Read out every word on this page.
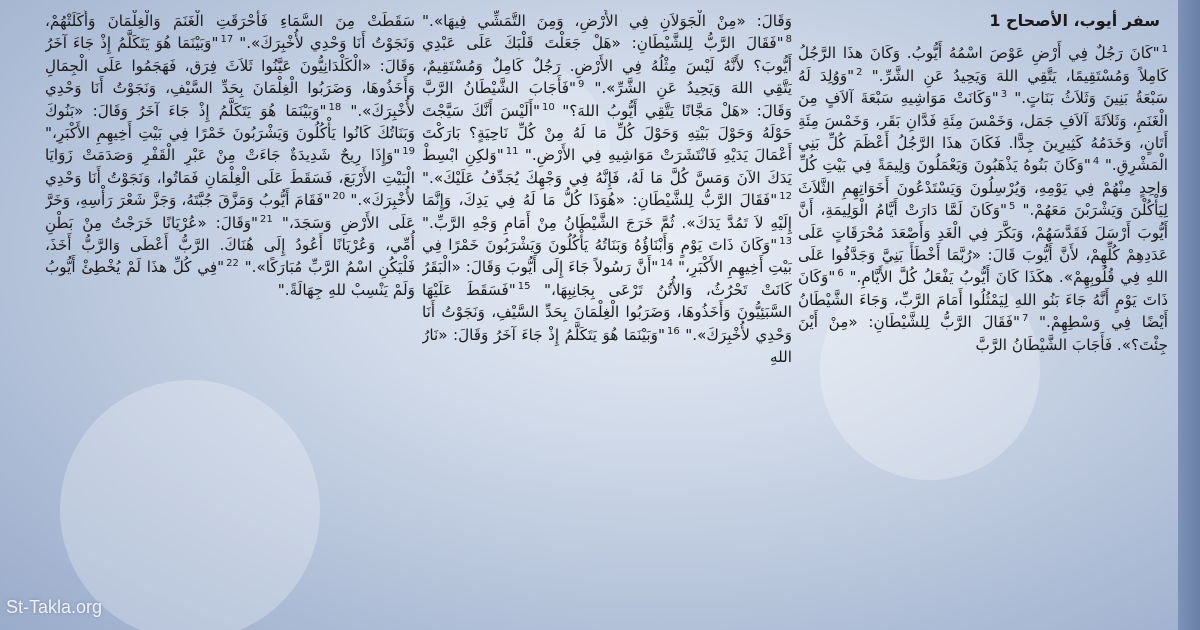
سفر أيوب، الأصحاح 1
$^1$"كَانَ رَجُلٌ فِي أَرْضِ عَوْصَ اسْمُهُ أَيُّوبُ. وَكَانَ هذَا الرَّجُلُ كَامِلاً وَمُسْتَقِيمًا، يَتَّقِي اللهَ وَيَحِيدُ عَنِ الشَّرِّ." $^2$"وَوُلِدَ لَهُ سَبْعَةُ بَنِينَ وَثَلاَثُ بَنَاتٍ." $^3$"وَكَانَتْ مَوَاشِيهِ سَبْعَةَ آلاَفٍ مِنَ الْغَنَمِ، وَثَلاَثَةَ آلاَفِ جَمَل، وَخَمْسَ مِئَةِ فَدَّانِ بَقَر، وَخَمْسَ مِئَةِ أَتَانٍ، وَخَدَمُهُ كَثِيرِينَ جِدًّا. فَكَانَ هذَا الرَّجُلُ أَعْظَمَ كُلِّ بَنِي الْمَشْرِقِ." $^4$"وَكَانَ بَنُوهُ يَذْهَبُونَ وَيَعْمَلُونَ وَلِيمَةً فِي بَيْتِ كُلِّ وَاحِدٍ مِنْهُمْ فِي يَوْمِهِ، وَيُرْسِلُونَ وَيَسْتَدْعُونَ أَخَوَاتِهِمِ الثَّلاَثَ لِيَأْكُلْنَ وَيَشْرَبْنَ مَعَهُمْ." $^5$"وَكَانَ لَمَّا دَارَتْ أَيَّامُ الْوَلِيمَةِ، أَنَّ أَيُّوبَ أَرْسَلَ فَقَدَّسَهُمْ، وَبَكَّرَ فِي الْغَدِ وَأَصْعَدَ مُحْرَقَاتٍ عَلَى عَدَدِهِمْ كُلِّهِمْ، لأَنَّ أَيُّوبَ قَالَ: «رُبَّمَا أَخْطَأَ بَنِيَّ وَجَدَّفُوا عَلَى اللهِ فِي قُلُوبِهِمْ». هكَذَا كَانَ أَيُّوبُ يَفْعَلُ كُلَّ الأَيَّامِ." $^6$"وَكَانَ ذَاتَ يَوْمٍ أَنَّهُ جَاءَ بَنُو اللهِ لِيَمْثُلُوا أَمَامَ الرَّبِّ، وَجَاءَ الشَّيْطَانُ أَيْضًا فِي وَسْطِهِمْ." $^7$"فَقَالَ الرَّبُّ لِلشَّيْطَانِ: «مِنْ أَيْنَ جِئْتَ؟». فَأَجَابَ الشَّيْطَانُ الرَّبَّ
وَقَالَ: «مِنْ الْجَوَلاَنِ فِي الأَرْضِ، وَمِنَ التَّمَشِّي فِيهَا»." $^8$"فَقَالَ الرَّبُّ لِلشَّيْطَانِ: «هَلْ جَعَلْتَ قَلْبَكَ عَلَى عَبْدِي أَيُّوبَ؟ لأَنَّهُ لَيْسَ مِثْلُهُ فِي الأَرْضِ. رَجُلٌ كَامِلٌ وَمُسْتَقِيمٌ، يَتَّقِي اللهَ وَيَحِيدُ عَنِ الشَّرِّ»." $^9$"فَأَجَابَ الشَّيْطَانُ الرَّبَّ وَقَالَ: «هَلْ مَجَّانًا يَتَّقِي أَيُّوبُ اللهَ؟" $^{10}$"أَلَيْسَ أَنَّكَ سَيَّجْتَ حَوْلَهُ وَحَوْلَ بَيْتِهِ وَحَوْلَ كُلِّ مَا لَهُ مِنْ كُلِّ نَاحِيَةٍ؟ بَارَكْتَ أَعْمَالَ يَدَيْهِ فَانْتَشَرَتْ مَوَاشِيهِ فِي الأَرْضِ." $^{11}$"وَلكِنِ ابْسِطْ يَدَكَ الآنَ وَمَسَّ كُلَّ مَا لَهُ، فَإِنَّهُ فِي وَجْهِكَ يُجَدِّفُ عَلَيْكَ»." $^{12}$"فَقَالَ الرَّبُّ لِلشَّيْطَانِ: «هُوَذَا كُلُّ مَا لَهُ فِي يَدِكَ، وَإِنَّمَا إِلَيْهِ لاَ تَمُدَّ يَدَكَ». ثُمَّ خَرَجَ الشَّيْطَانُ مِنْ أَمَامِ وَجْهِ الرَّبِّ." $^{13}$"وَكَانَ ذَاتَ يَوْمٍ وَأَبْنَاؤُهُ وَبَنَاتُهُ يَأْكُلُونَ وَيَشْرَبُونَ خَمْرًا فِي بَيْتِ أَخِيهِمِ الأَكْبَرِ،" $^{14}$"أَنَّ رَسُولاً جَاءَ إِلَى أَيُّوبَ وَقَالَ: «الْبَقَرُ كَانَتْ تَحْرُثُ، وَالأُتُنُ تَرْعَى بِجَانِبِهَا،" $^{15}$"فَسَقَطَ عَلَيْهَا السَّبَئِيُّونَ وَأَخَذُوهَا، وَضَرَبُوا الْغِلْمَانَ بِحَدِّ السَّيْفِ، وَنَجَوْتُ أَنَا وَحْدِي لأُخْبِرَكَ»." $^{16}$"وَبَيْنَمَا هُوَ يَتَكَلَّمُ إِذْ جَاءَ آخَرُ وَقَالَ: «نَارُ اللهِ
سَقَطَتْ مِنَ السَّمَاءِ فَأَحْرَقَتِ الْغَنَمَ وَالْغِلْمَانَ وَأَكَلَتْهُمْ، وَنَجَوْتُ أَنَا وَحْدِي لأُخْبِرَكَ»." $^{17}$"وَبَيْنَمَا هُوَ يَتَكَلَّمُ إِذْ جَاءَ آخَرُ وَقَالَ: «الْكَلْدَانِيُّونَ عَيَّنُوا ثَلاَثَ فِرَق، فَهَجَمُوا عَلَى الْجِمَالِ وَأَخَذُوهَا، وَضَرَبُوا الْغِلْمَانَ بِحَدِّ السَّيْفِ، وَنَجَوْتُ أَنَا وَحْدِي لأُخْبِرَكَ»." $^{18}$"وَبَيْنَمَا هُوَ يَتَكَلَّمُ إِذْ جَاءَ آخَرُ وَقَالَ: «بَنُوكَ وَبَنَاتُكَ كَانُوا يَأْكُلُونَ وَيَشْرَبُونَ خَمْرًا فِي بَيْتِ أَخِيهِمِ الأَكْبَرِ،" $^{19}$"وَإِذَا رِيحٌ شَدِيدَةٌ جَاءَتْ مِنْ عَبْرِ الْقَفْرِ وَصَدَمَتْ زَوَايَا الْبَيْتِ الأَرْبَعَ، فَسَقَطَ عَلَى الْغِلْمَانِ فَمَاتُوا، وَنَجَوْتُ أَنَا وَحْدِي لأُخْبِرَكَ»." $^{20}$"فَقَامَ أَيُّوبُ وَمَزَّقَ جُبَّتَهُ، وَجَزَّ شَعْرَ رَأْسِهِ، وَخَرَّ عَلَى الأَرْضِ وَسَجَدَ،" $^{21}$"وَقَالَ: «عُرْيَانًا خَرَجْتُ مِنْ بَطْنِ أُمِّي، وَعُرْيَانًا أَعُودُ إِلَى هُنَاكَ. الرَّبُّ أَعْطَى وَالرَّبُّ أَخَذَ، فَلْيَكُنِ اسْمُ الرَّبِّ مُبَارَكًا»." $^{22}$"فِي كُلِّ هذَا لَمْ يُخْطِئْ أَيُّوبُ وَلَمْ يَنْسِبْ للهِ جِهَالَةً."
St-Takla.org
